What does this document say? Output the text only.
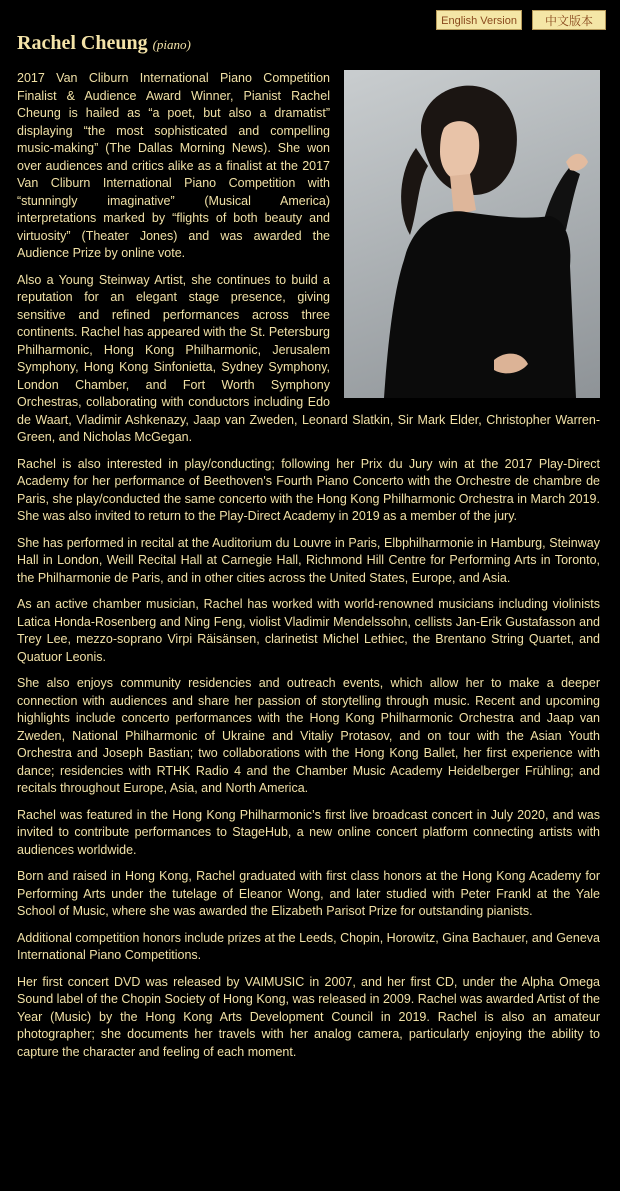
English Version	中文版本
Rachel Cheung (piano)

2017 Van Cliburn International Piano Competition Finalist & Audience Award Winner, Pianist Rachel Cheung is hailed as “a poet, but also a dramatist” displaying “the most sophisticated and compelling music-making” (The Dallas Morning News). She won over audiences and critics alike as a finalist at the 2017 Van Cliburn International Piano Competition with “stunningly imaginative” (Musical America) interpretations marked by “flights of both beauty and virtuosity” (Theater Jones) and was awarded the Audience Prize by online vote.

Also a Young Steinway Artist, she continues to build a reputation for an elegant stage presence, giving sensitive and refined performances across three continents. Rachel has appeared with the St. Petersburg Philharmonic, Hong Kong Philharmonic, Jerusalem Symphony, Hong Kong Sinfonietta, Sydney Symphony, London Chamber, and Fort Worth Symphony Orchestras, collaborating with conductors including Edo de Waart, Vladimir Ashkenazy, Jaap van Zweden, Leonard Slatkin, Sir Mark Elder, Christopher Warren-Green, and Nicholas McGegan.

Rachel is also interested in play/conducting; following her Prix du Jury win at the 2017 Play-Direct Academy for her performance of Beethoven's Fourth Piano Concerto with the Orchestre de chambre de Paris, she play/conducted the same concerto with the Hong Kong Philharmonic Orchestra in March 2019. She was also invited to return to the Play-Direct Academy in 2019 as a member of the jury.

She has performed in recital at the Auditorium du Louvre in Paris, Elbphilharmonie in Hamburg, Steinway Hall in London, Weill Recital Hall at Carnegie Hall, Richmond Hill Centre for Performing Arts in Toronto, the Philharmonie de Paris, and in other cities across the United States, Europe, and Asia.

As an active chamber musician, Rachel has worked with world-renowned musicians including violinists Latica Honda-Rosenberg and Ning Feng, violist Vladimir Mendelssohn, cellists Jan-Erik Gustafasson and Trey Lee, mezzo-soprano Virpi Räisänsen, clarinetist Michel Lethiec, the Brentano String Quartet, and Quatuor Leonis.

She also enjoys community residencies and outreach events, which allow her to make a deeper connection with audiences and share her passion of storytelling through music. Recent and upcoming highlights include concerto performances with the Hong Kong Philharmonic Orchestra and Jaap van Zweden, National Philharmonic of Ukraine and Vitaliy Protasov, and on tour with the Asian Youth Orchestra and Joseph Bastian; two collaborations with the Hong Kong Ballet, her first experience with dance; residencies with RTHK Radio 4 and the Chamber Music Academy Heidelberger Frühling; and recitals throughout Europe, Asia, and North America.

Rachel was featured in the Hong Kong Philharmonic’s first live broadcast concert in July 2020, and was invited to contribute performances to StageHub, a new online concert platform connecting artists with audiences worldwide.

Born and raised in Hong Kong, Rachel graduated with first class honors at the Hong Kong Academy for Performing Arts under the tutelage of Eleanor Wong, and later studied with Peter Frankl at the Yale School of Music, where she was awarded the Elizabeth Parisot Prize for outstanding pianists.

Additional competition honors include prizes at the Leeds, Chopin, Horowitz, Gina Bachauer, and Geneva International Piano Competitions.

Her first concert DVD was released by VAIMUSIC in 2007, and her first CD, under the Alpha Omega Sound label of the Chopin Society of Hong Kong, was released in 2009. Rachel was awarded Artist of the Year (Music) by the Hong Kong Arts Development Council in 2019. Rachel is also an amateur photographer; she documents her travels with her analog camera, particularly enjoying the ability to capture the character and feeling of each moment.
